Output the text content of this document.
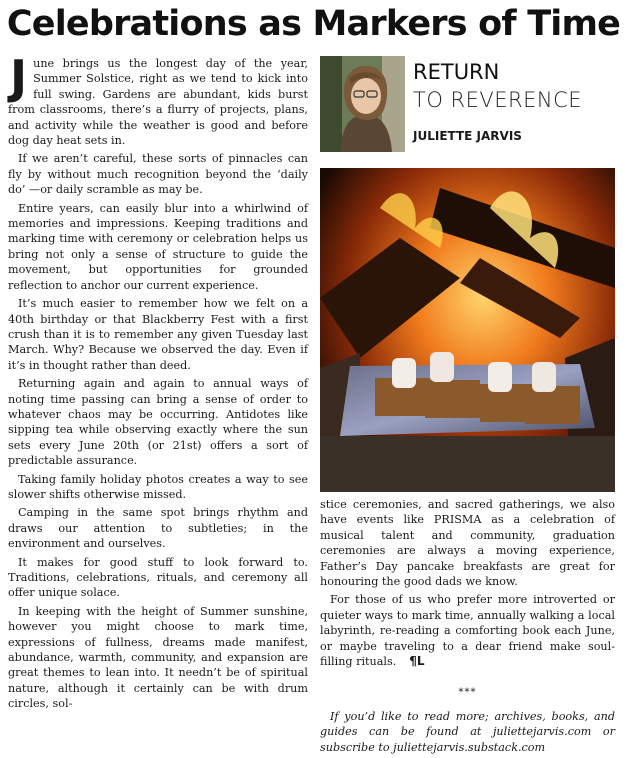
Celebrations as Markers of Time

June brings us the longest day of the year, Summer Solstice, right as we tend to kick into full swing. Gardens are abundant, kids burst from classrooms, there’s a flurry of projects, plans, and activity while the weather is good and before dog day heat sets in.

If we aren’t careful, these sorts of pinnacles can fly by without much recognition beyond the ‘daily do’ —or daily scramble as may be.

Entire years, can easily blur into a whirlwind of memories and impressions. Keeping traditions and marking time with ceremony or celebration helps us bring not only a sense of structure to guide the movement, but opportunities for grounded reflection to anchor our current experience.

It’s much easier to remember how we felt on a 40th birthday or that Blackberry Fest with a first crush than it is to remember any given Tuesday last March. Why? Because we observed the day. Even if it’s in thought rather than deed.

Returning again and again to annual ways of noting time passing can bring a sense of order to whatever chaos may be occurring. Antidotes like sipping tea while observing exactly where the sun sets every June 20th (or 21st) offers a sort of predictable assurance.

Taking family holiday photos creates a way to see slower shifts otherwise missed.

Camping in the same spot brings rhythm and draws our attention to subtleties; in the environment and ourselves.

It makes for good stuff to look forward to. Traditions, celebrations, rituals, and ceremony all offer unique solace.

In keeping with the height of Summer sunshine, however you might choose to mark time, expressions of fullness, dreams made manifest, abundance, warmth, community, and expansion are great themes to lean into. It needn’t be of spiritual nature, although it certainly can be with drum circles, sol-

RETURN
TO REVERENCE
JULIETTE JARVIS

stice ceremonies, and sacred gatherings, we also have events like PRISMA as a celebration of musical talent and community, graduation ceremonies are always a moving experience, Father’s Day pancake breakfasts are great for honouring the good dads we know.

For those of us who prefer more introverted or quieter ways to mark time, annually walking a local labyrinth, re-reading a comforting book each June, or maybe traveling to a dear friend make soul-filling rituals. ¶L

***

If you’d like to read more; archives, books, and guides can be found at juliettejarvis.com or subscribe to juliettejarvis.substack.com
